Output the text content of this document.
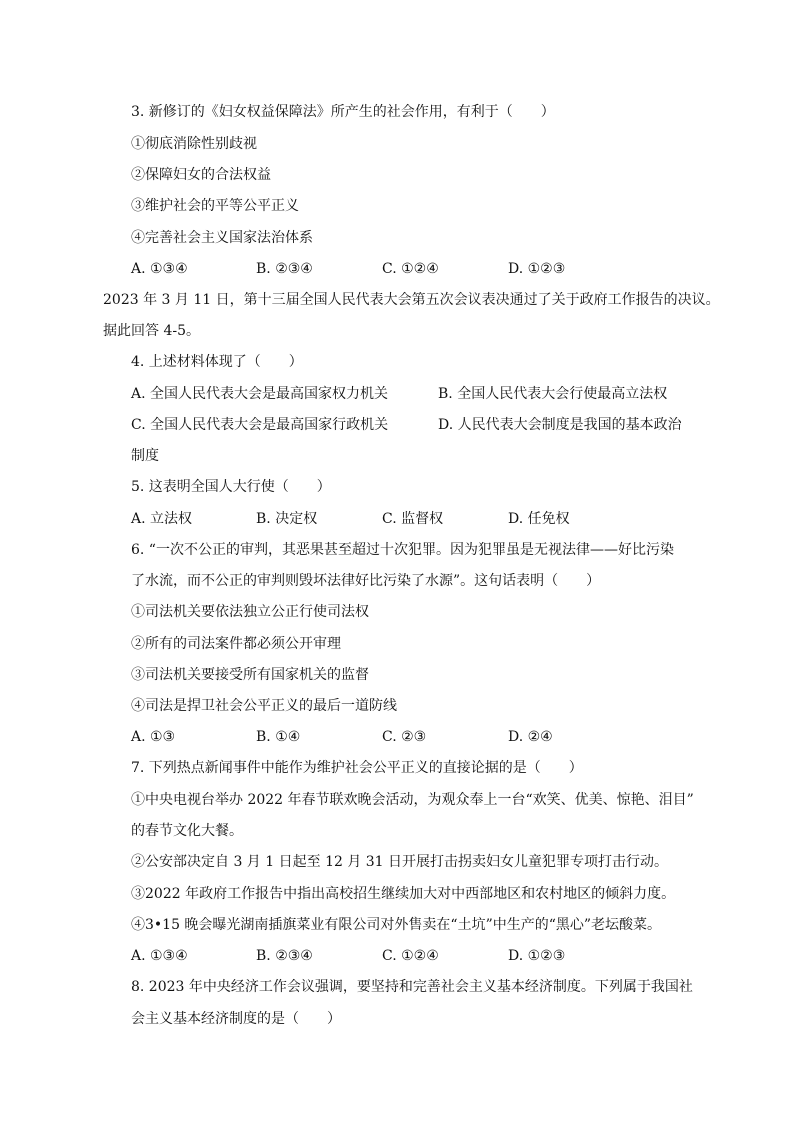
3. 新修订的《妇女权益保障法》所产生的社会作用，有利于（　　）
①彻底消除性别歧视
②保障妇女的合法权益
③维护社会的平等公平正义
④完善社会主义国家法治体系
A. ①③④	B. ②③④	C. ①②④	D. ①②③
2023 年 3 月 11 日，第十三届全国人民代表大会第五次会议表决通过了关于政府工作报告的决议。
据此回答 4-5。
4. 上述材料体现了（　　）
A. 全国人民代表大会是最高国家权力机关	B. 全国人民代表大会行使最高立法权
C. 全国人民代表大会是最高国家行政机关	D. 人民代表大会制度是我国的基本政治
制度
5. 这表明全国人大行使（　　）
A. 立法权	B. 决定权	C. 监督权	D. 任免权
6. “一次不公正的审判，其恶果甚至超过十次犯罪。因为犯罪虽是无视法律——好比污染
了水流，而不公正的审判则毁坏法律好比污染了水源”。这句话表明（　　）
①司法机关要依法独立公正行使司法权
②所有的司法案件都必须公开审理
③司法机关要接受所有国家机关的监督
④司法是捍卫社会公平正义的最后一道防线
A. ①③	B. ①④	C. ②③	D. ②④
7. 下列热点新闻事件中能作为维护社会公平正义的直接论据的是（　　）
①中央电视台举办 2022 年春节联欢晚会活动，为观众奉上一台“欢笑、优美、惊艳、泪目”
的春节文化大餐。
②公安部决定自 3 月 1 日起至 12 月 31 日开展打击拐卖妇女儿童犯罪专项打击行动。
③2022 年政府工作报告中指出高校招生继续加大对中西部地区和农村地区的倾斜力度。
④3•15 晚会曝光湖南插旗菜业有限公司对外售卖在“土坑”中生产的“黑心”老坛酸菜。
A. ①③④	B. ②③④	C. ①②④	D. ①②③
8. 2023 年中央经济工作会议强调，要坚持和完善社会主义基本经济制度。下列属于我国社
会主义基本经济制度的是（　　）
